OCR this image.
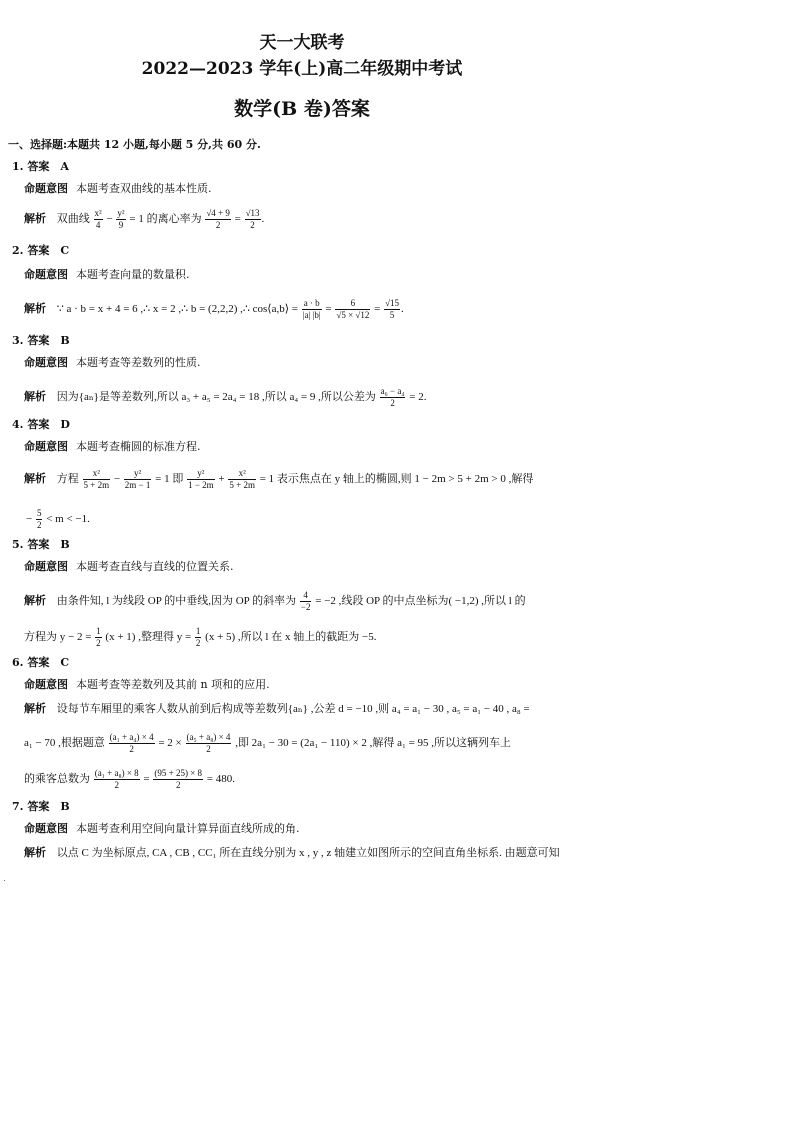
天一大联考
2022—2023 学年(上)高二年级期中考试
数学(B 卷)答案
一、选择题:本题共 12 小题,每小题 5 分,共 60 分.
1. 答案　A
命题意图 本题考查双曲线的基本性质.
解析 双曲线 $\frac{\text{x²}}{4} - \frac{\text{y²}}{9} = 1$ 的离心率为 $\frac{√4 + 9}{2} = \frac{√13}{2}$ .
2. 答案　C
命题意图 本题考查向量的数量积.
解析 ∵ a · b = x + 4 = 6 ,∴ x = 2 ,∴ b = (2,2,2) ,∴ cos⟨a,b⟩ = $\frac{a \cdot b}{|a| |b|} = \frac{6}{√5 \times √12} = \frac{√15}{5}$ .
3. 答案　B
命题意图 本题考查等差数列的性质.
解析 因为{aₙ}是等差数列,所以 a₃ + a₅ = 2a₄ = 18 ,所以 a₄ = 9 ,所以公差为 $\frac{\text{a₆ − a₄}}{2} = 2$.
4. 答案　D
命题意图 本题考查椭圆的标准方程.
解析 方程 $\frac{\text{x²}}{5 + 2m} - \frac{\text{y²}}{2m - 1} = 1$ 即 $\frac{\text{y²}}{1 - 2m} + \frac{\text{x²}}{5 + 2m} = 1$ 表示焦点在 y 轴上的椭圆,则 1 − 2m > 5 + 2m > 0 ,解得
− $\frac{5}{2} < m < -1$.
5. 答案　B
命题意图 本题考查直线与直线的位置关系.
解析 由条件知, l 为线段 OP 的中垂线,因为 OP 的斜率为 $\frac{4}{-2} = -2$ ,线段 OP 的中点坐标为( −1,2) ,所以 l 的
方程为 $y - 2 = \frac{1}{2} (x + 1)$ ,整理得 $y = \frac{1}{2} (x + 5)$ ,所以 l 在 x 轴上的截距为 −5.
6. 答案　C
命题意图 本题考查等差数列及其前 n 项和的应用.
解析 设每节车厢里的乘客人数从前到后构成等差数列{aₙ} ,公差 d = −10 ,则 a₄ = a₁ − 30 , a₅ = a₁ − 40 , a₈ =
a₁ − 70 ,根据题意 $\frac{\text{(a₁ + a₄) × 4}}{2} = 2 \times \frac{\text{(a₅ + a₈) × 4}}{2}$ ,即 2a₁ − 30 = (2a₁ − 110) × 2 ,解得 a₁ = 95 ,所以这辆列车上
的乘客总数为 $\frac{\text{(a₁ + a₈) × 8}}{2} = \frac{(95 + 25) \times 8}{2} = 480$.
7. 答案　B
命题意图 本题考查利用空间向量计算异面直线所成的角.
解析 以点 C 为坐标原点, CA , CB , CC₁ 所在直线分别为 x , y , z 轴建立如图所示的空间直角坐标系. 由题意可知
